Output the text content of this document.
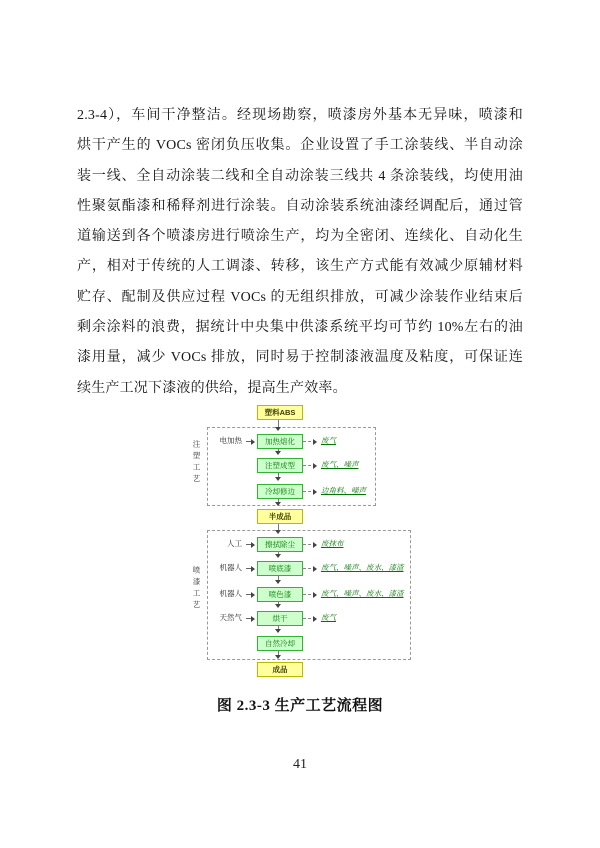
2.3-4），车间干净整洁。经现场勘察，喷漆房外基本无异味，喷漆和
烘干产生的 VOCs 密闭负压收集。企业设置了手工涂装线、半自动涂
装一线、全自动涂装二线和全自动涂装三线共 4 条涂装线，均使用油
性聚氨酯漆和稀释剂进行涂装。自动涂装系统油漆经调配后，通过管
道输送到各个喷漆房进行喷涂生产，均为全密闭、连续化、自动化生
产，相对于传统的人工调漆、转移，该生产方式能有效减少原辅材料
贮存、配制及供应过程 VOCs 的无组织排放，可减少涂装作业结束后
剩余涂料的浪费，据统计中央集中供漆系统平均可节约 10%左右的油
漆用量，减少 VOCs 排放，同时易于控制漆液温度及粘度，可保证连
续生产工况下漆液的供给，提高生产效率。
塑料ABS
注塑工艺	电加热	加热熔化	废气
注塑成型	废气、噪声
冷却修边	边角料、噪声
半成品
喷漆工艺
人工	擦拭除尘	废抹布
机器人	喷底漆	废气、噪声、废水、漆渣
机器人	喷色漆	废气、噪声、废水、漆渣
天然气	烘干	废气
自然冷却
成品
图 2.3-3 生产工艺流程图
41
